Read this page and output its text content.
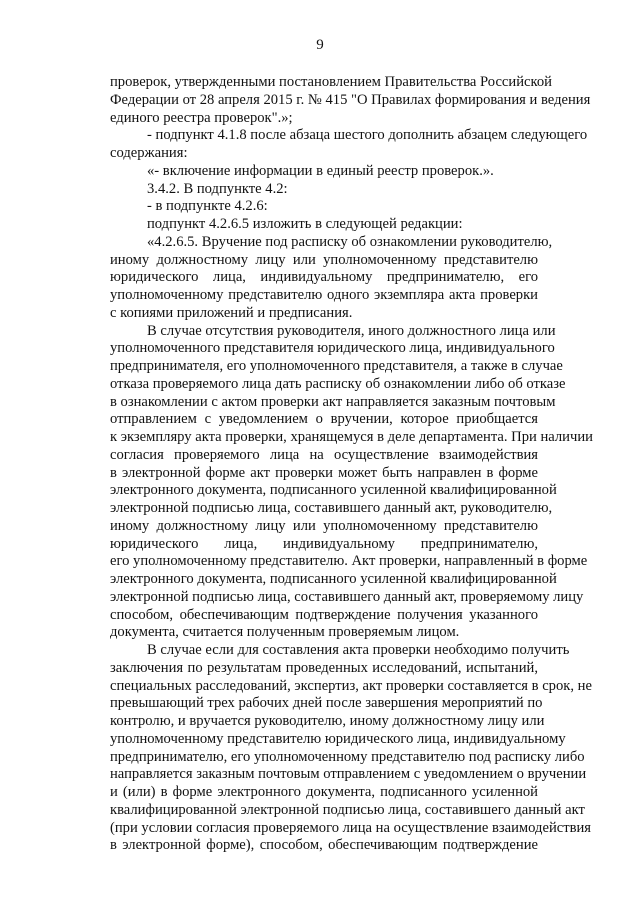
9
проверок, утвержденными постановлением Правительства Российской
Федерации от 28 апреля 2015 г. № 415 "О Правилах формирования и ведения
единого реестра проверок".»;
- подпункт 4.1.8 после абзаца шестого дополнить абзацем следующего
содержания:
«- включение информации в единый реестр проверок.».
3.4.2. В подпункте 4.2:
- в подпункте 4.2.6:
подпункт 4.2.6.5 изложить в следующей редакции:
«4.2.6.5. Вручение под расписку об ознакомлении руководителю,
иному должностному лицу или уполномоченному представителю
юридического лица, индивидуальному предпринимателю, его
уполномоченному представителю одного экземпляра акта проверки
с копиями приложений и предписания.
В случае отсутствия руководителя, иного должностного лица или
уполномоченного представителя юридического лица, индивидуального
предпринимателя, его уполномоченного представителя, а также в случае
отказа проверяемого лица дать расписку об ознакомлении либо об отказе
в ознакомлении с актом проверки акт направляется заказным почтовым
отправлением с уведомлением о вручении, которое приобщается
к экземпляру акта проверки, хранящемуся в деле департамента. При наличии
согласия проверяемого лица на осуществление взаимодействия
в электронной форме акт проверки может быть направлен в форме
электронного документа, подписанного усиленной квалифицированной
электронной подписью лица, составившего данный акт, руководителю,
иному должностному лицу или уполномоченному представителю
юридического лица, индивидуальному предпринимателю,
его уполномоченному представителю. Акт проверки, направленный в форме
электронного документа, подписанного усиленной квалифицированной
электронной подписью лица, составившего данный акт, проверяемому лицу
способом, обеспечивающим подтверждение получения указанного
документа, считается полученным проверяемым лицом.
В случае если для составления акта проверки необходимо получить
заключения по результатам проведенных исследований, испытаний,
специальных расследований, экспертиз, акт проверки составляется в срок, не
превышающий трех рабочих дней после завершения мероприятий по
контролю, и вручается руководителю, иному должностному лицу или
уполномоченному представителю юридического лица, индивидуальному
предпринимателю, его уполномоченному представителю под расписку либо
направляется заказным почтовым отправлением с уведомлением о вручении
и (или) в форме электронного документа, подписанного усиленной
квалифицированной электронной подписью лица, составившего данный акт
(при условии согласия проверяемого лица на осуществление взаимодействия
в электронной форме), способом, обеспечивающим подтверждение
